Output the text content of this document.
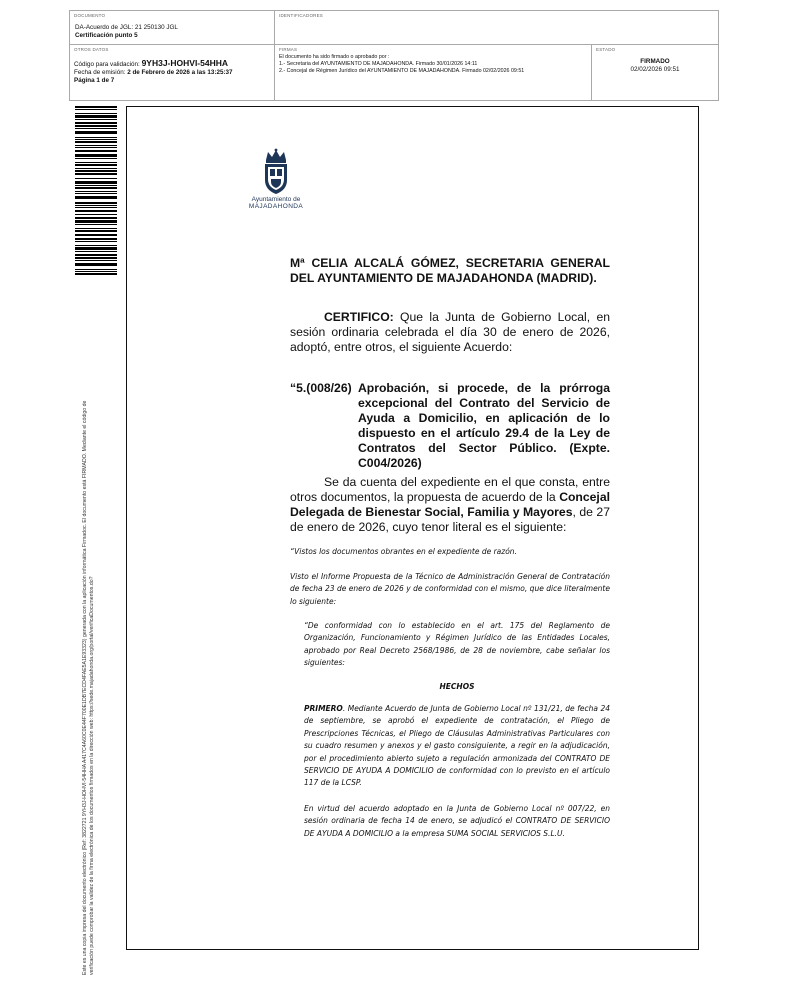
DOCUMENTO
DA-Acuerdo de JGL: 21 250130 JGL
Certificación punto 5
IDENTIFICADORES
OTROS DATOS
Código para validación: 9YH3J-HOHVI-54HHA
Fecha de emisión: 2 de Febrero de 2026 a las 13:25:37
Página 1 de 7
FIRMAS
El documento ha sido firmado o aprobado por :
1.- Secretaria del AYUNTAMIENTO DE MAJADAHONDA. Firmado 30/01/2026 14:11
2.- Concejal de Régimen Jurídico del AYUNTAMIENTO DE MAJADAHONDA. Firmado 02/02/2026 09:51
ESTADO
FIRMADO
02/02/2026 09:51
Este es una copia impresa del documento electrónico (Ref: 3822721 9YH3J-HOHVI-54HHA A417C4A60C0E44F700E1DB7ECD4FAE5A1E93323) generada con la aplicación informática Firmadoc. El documento está FIRMADO. Mediante el código de verificación puede comprobar la validez de la firma electrónica de los documentos firmados en la dirección web: https://sede.majadahonda.org/portal/verificaDocumentos.do?
Ayuntamiento de
MAJADAHONDA
Mª CELIA ALCALÁ GÓMEZ, SECRETARIA GENERAL DEL AYUNTAMIENTO DE MAJADAHONDA (MADRID).
CERTIFICO: Que la Junta de Gobierno Local, en sesión ordinaria celebrada el día 30 de enero de 2026, adoptó, entre otros, el siguiente Acuerdo:
“5.(008/26) Aprobación, si procede, de la prórroga excepcional del Contrato del Servicio de Ayuda a Domicilio, en aplicación de lo dispuesto en el artículo 29.4 de la Ley de Contratos del Sector Público. (Expte. C004/2026)
Se da cuenta del expediente en el que consta, entre otros documentos, la propuesta de acuerdo de la Concejal Delegada de Bienestar Social, Familia y Mayores, de 27 de enero de 2026, cuyo tenor literal es el siguiente:
“Vistos los documentos obrantes en el expediente de razón.
Visto el Informe Propuesta de la Técnico de Administración General de Contratación de fecha 23 de enero de 2026 y de conformidad con el mismo, que dice literalmente lo siguiente:
“De conformidad con lo establecido en el art. 175 del Reglamento de Organización, Funcionamiento y Régimen Jurídico de las Entidades Locales, aprobado por Real Decreto 2568/1986, de 28 de noviembre, cabe señalar los siguientes:
HECHOS
PRIMERO. Mediante Acuerdo de Junta de Gobierno Local nº 131/21, de fecha 24 de septiembre, se aprobó el expediente de contratación, el Pliego de Prescripciones Técnicas, el Pliego de Cláusulas Administrativas Particulares con su cuadro resumen y anexos y el gasto consiguiente, a regir en la adjudicación, por el procedimiento abierto sujeto a regulación armonizada del CONTRATO DE SERVICIO DE AYUDA A DOMICILIO de conformidad con lo previsto en el artículo 117 de la LCSP.
En virtud del acuerdo adoptado en la Junta de Gobierno Local nº 007/22, en sesión ordinaria de fecha 14 de enero, se adjudicó el CONTRATO DE SERVICIO DE AYUDA A DOMICILIO a la empresa SUMA SOCIAL SERVICIOS S.L.U.
